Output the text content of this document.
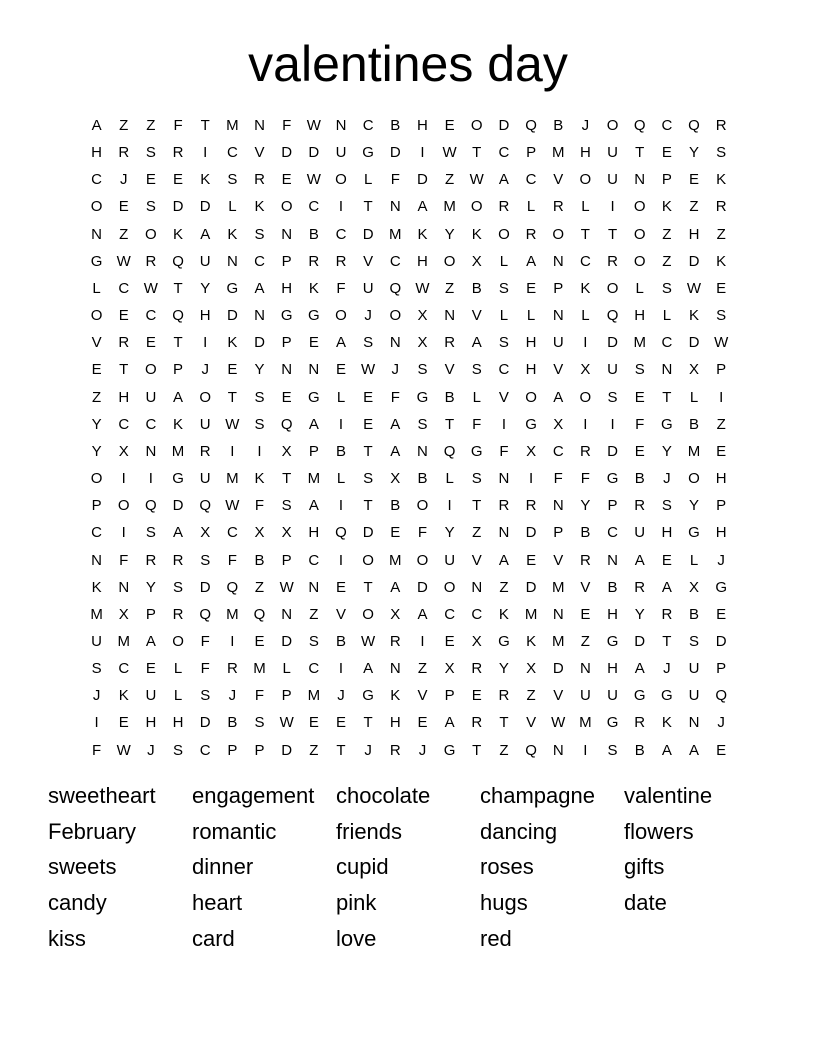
valentines day
A	Z	Z	F	T	M	N	F	W N	C	B	H	E	O	D	Q	B	J	O	Q	C	Q	R
H	R	S	R	I	C	V	D	D	U	G	D	I	W	T	C	P	M	H	U	T	E	Y	S
C	J	E	E	K	S	R	E	W O	L	F	D	Z	W	A	C	V	O	U	N	P	E	K
O	E	S	D	D	L	K	O	C	I	T	N	A	M	O	R	L	R	L	I	O	K	Z	R
N	Z	O	K	A	K	S	N	B	C	D	M	K	Y	K	O	R	O	T	T	O	Z	H	Z
G W R	Q	U	N	C	P	R	R	V	C	H	O	X	L	A	N	C	R	O	Z	D	K
L	C W	T	Y	G	A	H	K	F	U	Q W	Z	B	S	E	P	K	O	L	S	W	E
O	E	C	Q	H	D	N	G	G	O	J	O	X	N	V	L	L	N	L	Q	H	L	K	S
V	R	E	T	I	K	D	P	E	A	S	N	X	R	A	S	H	U	I	D	M	C	D W
E	T	O	P	J	E	Y	N	N	E	W	J	S	V	S	C	H	V	X	U	S	N	X	P
Z	H	U	A	O	T	S	E	G	L	E	F	G	B	L	V	O	A	O	S	E	T	L	I
Y	C	C	K	U W	S	Q	A	I	E	A	S	T	F	I	G	X	I	I	F	G	B	Z
Y	X	N	M	R	I	I	X	P	B	T	A	N	Q	G	F	X	C	R	D	E	Y	M	E
O	I	I	G	U	M	K	T	M	L	S	X	B	L	S	N	I	F	F	G	B	J	O	H
P	O	Q	D	Q W	F	S	A	I	T	B	O	I	T	R	R	N	Y	P	R	S	Y	P
C	I	S	A	X	C	X	X	H	Q	D	E	F	Y	Z	N	D	P	B	C	U	H	G	H
N	F	R	R	S	F	B	P	C	I	O	M	O	U	V	A	E	V	R	N	A	E	L	J
K	N	Y	S	D	Q	Z	W N	E	T	A	D	O	N	Z	D	M	V	B	R	A	X	G
M	X	P	R	Q	M	Q	N	Z	V	O	X	A	C	C	K	M	N	E	H	Y	R	B	E
U	M	A	O	F	I	E	D	S	B	W R	I	E	X	G	K	M	Z	G	D	T	S	D
S	C	E	L	F	R	M	L	C	I	A	N	Z	X	R	Y	X	D	N	H	A	J	U	P
J	K	U	L	S	J	F	P	M	J	G	K	V	P	E	R	Z	V	U	U	G	G	U	Q
I	E	H	H	D	B	S	W	E	E	T	H	E	A	R	T	V	W M	G	R	K	N	J
F	W	J	S	C	P	P	D	Z	T	J	R	J	G	T	Z	Q	N	I	S	B	A	A	E
sweetheart	engagement chocolate	champagne	valentine
February	romantic	friends	dancing	flowers
sweets	dinner	cupid	roses	gifts
candy	heart	pink	hugs	date
kiss	card	love	red
